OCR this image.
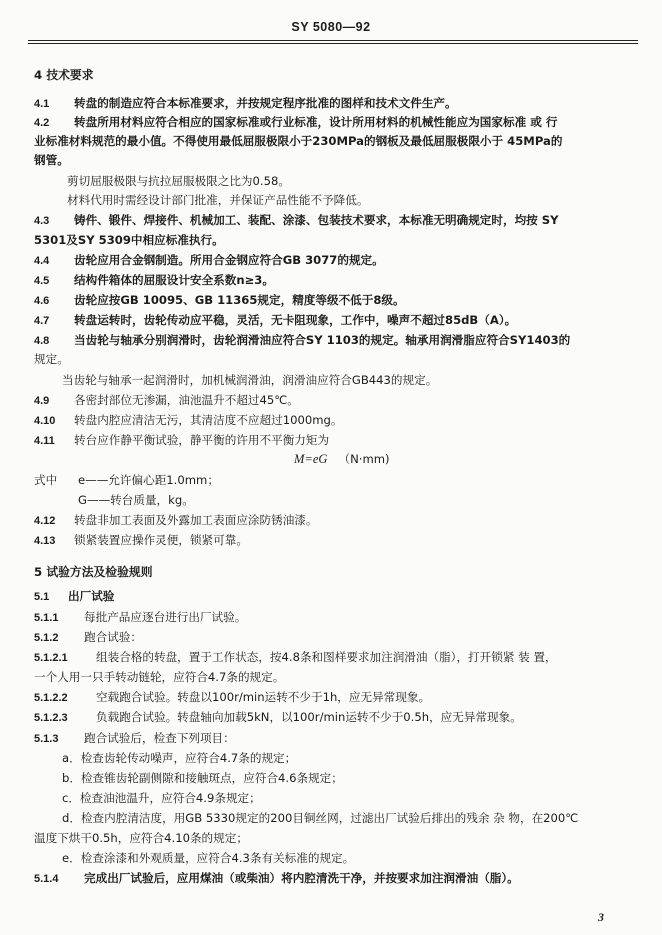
SY 5080—92
4 技术要求
4.1 转盘的制造应符合本标准要求，并按规定程序批准的图样和技术文件生产。
4.2 转盘所用材料应符合相应的国家标准或行业标准，设计所用材料的机械性能应为国家标准 或 行
业标准材料规范的最小值。不得使用最低屈服极限小于230MPa的钢板及最低屈服极限小于 45MPa的
钢管。
剪切屈服极限与抗拉屈服极限之比为0.58。
材料代用时需经设计部门批准，并保证产品性能不予降低。
4.3 铸件、锻件、焊接件、机械加工、装配、涂漆、包装技术要求，本标准无明确规定时，均按 SY
5301及SY 5309中相应标准执行。
4.4 齿轮应用合金钢制造。所用合金钢应符合GB 3077的规定。
4.5 结构件箱体的屈服设计安全系数n≥3。
4.6 齿轮应按GB 10095、GB 11365规定，精度等级不低于8级。
4.7 转盘运转时，齿轮传动应平稳，灵活，无卡阻现象，工作中，噪声不超过85dB（A）。
4.8 当齿轮与轴承分别润滑时，齿轮润滑油应符合SY 1103的规定。轴承用润滑脂应符合SY1403的
规定。
当齿轮与轴承一起润滑时，加机械润滑油，润滑油应符合GB443的规定。
4.9 各密封部位无渗漏，油池温升不超过45℃。
4.10 转盘内腔应清洁无污，其清洁度不应超过1000mg。
4.11 转台应作静平衡试验，静平衡的许用不平衡力矩为
M=eG （N·mm)
式中 e——允许偏心距1.0mm；
G——转台质量，kg。
4.12 转盘非加工表面及外露加工表面应涂防锈油漆。
4.13 锁紧装置应操作灵便，锁紧可靠。
5 试验方法及检验规则
5.1 出厂试验
5.1.1 每批产品应逐台进行出厂试验。
5.1.2 跑合试验：
5.1.2.1 组装合格的转盘，置于工作状态，按4.8条和图样要求加注润滑油（脂），打开锁紧 装 置，
一个人用一只手转动链轮，应符合4.7条的规定。
5.1.2.2 空载跑合试验。转盘以100r/min运转不少于1h，应无异常现象。
5.1.2.3 负载跑合试验。转盘轴向加载5kN，以100r/min运转不少于0.5h，应无异常现象。
5.1.3 跑合试验后，检查下列项目：
a．检查齿轮传动噪声，应符合4.7条的规定；
b．检查锥齿轮副侧隙和接触斑点，应符合4.6条规定；
c．检查油池温升，应符合4.9条规定；
d．检查内腔清洁度，用GB 5330规定的200目铜丝网，过滤出厂试验后排出的残余 杂 物，在200℃
温度下烘干0.5h，应符合4.10条的规定；
e．检查涂漆和外观质量，应符合4.3条有关标准的规定。
5.1.4 完成出厂试验后，应用煤油（或柴油）将内腔清洗干净，并按要求加注润滑油（脂）。
3
